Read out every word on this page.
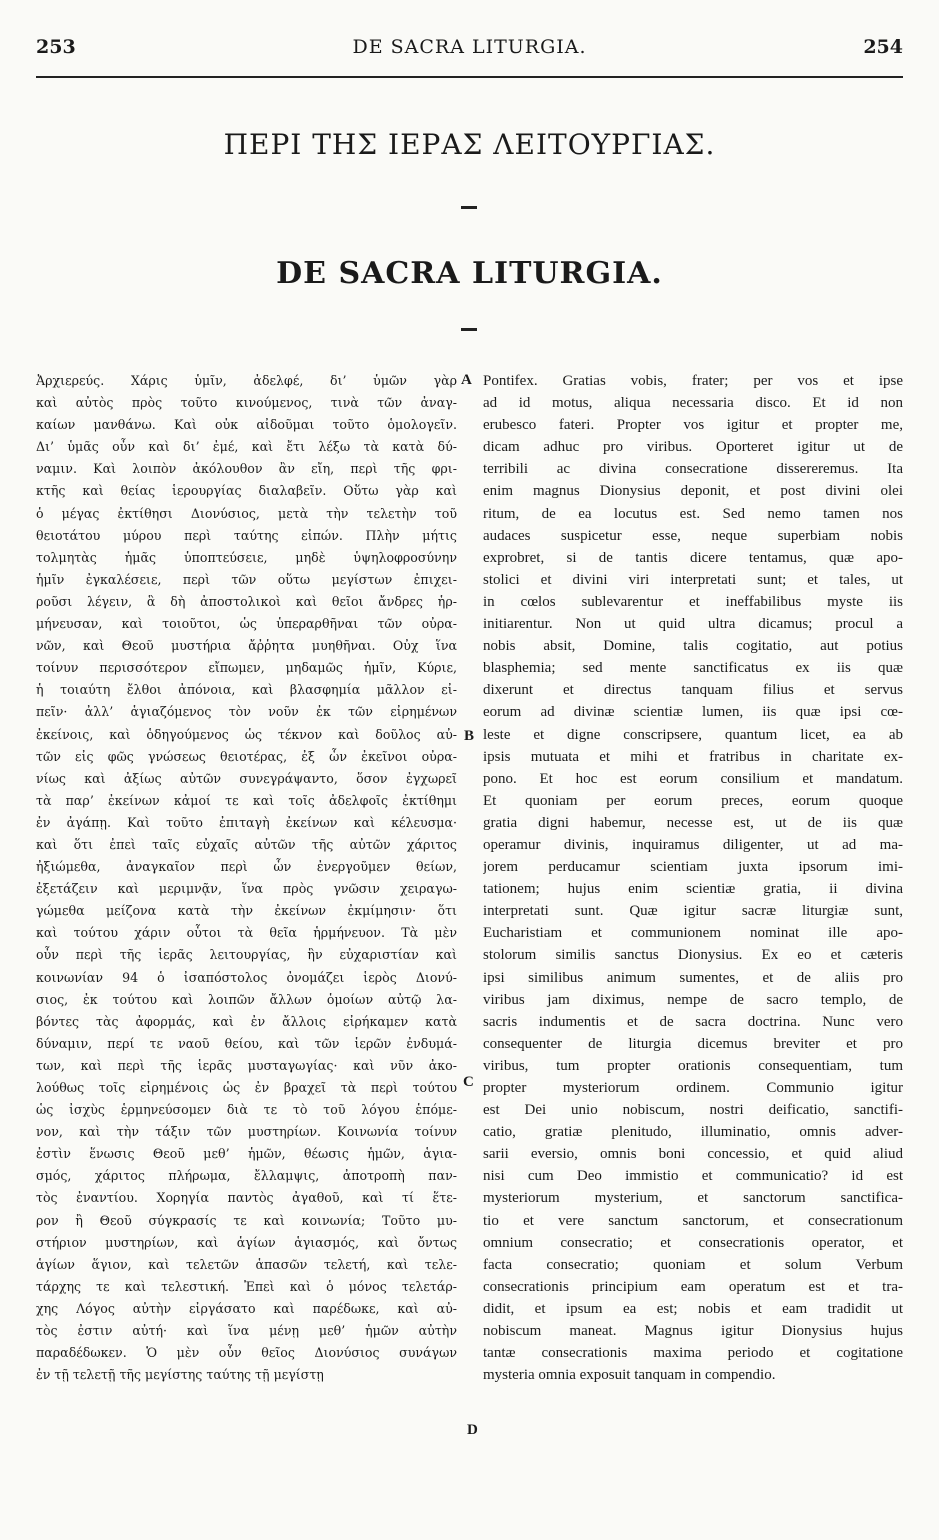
253	DE SACRA LITURGIA.	254
ΠΕΡΙ ΤΗΣ ΙΕΡΑΣ ΛΕΙΤΟΥΡΓΙΑΣ.
DE SACRA LITURGIA.
Ἀρχιερεύς. Χάρις ὑμῖν, ἀδελφέ, δι’ ὑμῶν γὰρ
καὶ αὐτὸς πρὸς τοῦτο κινούμενος, τινὰ τῶν ἀναγ-
καίων μανθάνω. Καὶ οὐκ αἰδοῦμαι τοῦτο ὁμολογεῖν.
Δι’ ὑμᾶς οὖν καὶ δι’ ἐμέ, καὶ ἔτι λέξω τὰ κατὰ δύ-
ναμιν. Καὶ λοιπὸν ἀκόλουθον ἂν εἴη, περὶ τῆς φρι-
κτῆς καὶ θείας ἱερουργίας διαλαβεῖν. Οὕτω γὰρ καὶ
ὁ μέγας ἐκτίθησι Διονύσιος, μετὰ τὴν τελετὴν τοῦ
θειοτάτου μύρου περὶ ταύτης εἰπών. Πλὴν μήτις
τολμητὰς ἡμᾶς ὑποπτεύσειε, μηδὲ ὑψηλοφροσύνην
ἡμῖν ἐγκαλέσειε, περὶ τῶν οὕτω μεγίστων ἐπιχει-
ροῦσι λέγειν, ἃ δὴ ἀποστολικοὶ καὶ θεῖοι ἄνδρες ἡρ-
μήνευσαν, καὶ τοιοῦτοι, ὡς ὑπεραρθῆναι τῶν οὐρα-
νῶν, καὶ Θεοῦ μυστήρια ἄῤῥητα μυηθῆναι. Οὐχ ἵνα
τοίνυν περισσότερον εἴπωμεν, μηδαμῶς ἡμῖν, Κύριε,
ἡ τοιαύτη ἔλθοι ἀπόνοια, καὶ βλασφημία μᾶλλον εἰ-
πεῖν· ἀλλ’ ἁγιαζόμενος τὸν νοῦν ἐκ τῶν εἰρημένων
ἐκείνοις, καὶ ὁδηγούμενος ὡς τέκνον καὶ δοῦλος αὐ-
τῶν εἰς φῶς γνώσεως θειοτέρας, ἐξ ὧν ἐκεῖνοι οὐρα-
νίως καὶ ἀξίως αὐτῶν συνεγράψαντο, ὅσον ἐγχωρεῖ
τὰ παρ’ ἐκείνων κἀμοί τε καὶ τοῖς ἀδελφοῖς ἐκτίθημι
ἐν ἀγάπῃ. Καὶ τοῦτο ἐπιταγὴ ἐκείνων καὶ κέλευσμα·
καὶ ὅτι ἐπεὶ ταῖς εὐχαῖς αὐτῶν τῆς αὐτῶν χάριτος
ἠξιώμεθα, ἀναγκαῖον περὶ ὧν ἐνεργοῦμεν θείων,
ἐξετάζειν καὶ μεριμνᾷν, ἵνα πρὸς γνῶσιν χειραγω-
γώμεθα μείζονα κατὰ τὴν ἐκείνων ἐκμίμησιν· ὅτι
καὶ τούτου χάριν οὗτοι τὰ θεῖα ἡρμήνευον. Τὰ μὲν
οὖν περὶ τῆς ἱερᾶς λειτουργίας, ἣν εὐχαριστίαν καὶ
κοινωνίαν 94 ὁ ἰσαπόστολος ὀνομάζει ἱερὸς Διονύ-
σιος, ἐκ τούτου καὶ λοιπῶν ἄλλων ὁμοίων αὐτῷ λα-
βόντες τὰς ἀφορμάς, καὶ ἐν ἄλλοις εἰρήκαμεν κατὰ
δύναμιν, περί τε ναοῦ θείου, καὶ τῶν ἱερῶν ἐνδυμά-
των, καὶ περὶ τῆς ἱερᾶς μυσταγωγίας· καὶ νῦν ἀκο-
λούθως τοῖς εἰρημένοις ὡς ἐν βραχεῖ τὰ περὶ τούτου
ὡς ἰσχὺς ἑρμηνεύσομεν διὰ τε τὸ τοῦ λόγου ἑπόμε-
νον, καὶ τὴν τάξιν τῶν μυστηρίων. Κοινωνία τοίνυν
ἐστὶν ἕνωσις Θεοῦ μεθ’ ἡμῶν, θέωσις ἡμῶν, ἁγια-
σμός, χάριτος πλήρωμα, ἔλλαμψις, ἀποτροπὴ παν-
τὸς ἐναντίου. Χορηγία παντὸς ἀγαθοῦ, καὶ τί ἕτε-
ρον ἢ Θεοῦ σύγκρασίς τε καὶ κοινωνία; Τοῦτο μυ-
στήριον μυστηρίων, καὶ ἁγίων ἁγιασμός, καὶ ὄντως
ἁγίων ἅγιον, καὶ τελετῶν ἁπασῶν τελετή, καὶ τελε-
τάρχης τε καὶ τελεστική. Ἐπεὶ καὶ ὁ μόνος τελετάρ-
χης Λόγος αὐτὴν εἰργάσατο καὶ παρέδωκε, καὶ αὐ-
τὸς ἐστιν αὐτή· καὶ ἵνα μένῃ μεθ’ ἡμῶν αὐτὴν
παραδέδωκεν. Ὁ μὲν οὖν θεῖος Διονύσιος συνάγων
ἐν τῇ τελετῇ τῆς μεγίστης ταύτης τῇ μεγίστῃ
Pontifex. Gratias vobis, frater; per vos et ipse
ad id motus, aliqua necessaria disco. Et id non
erubesco fateri. Propter vos igitur et propter me,
dicam adhuc pro viribus. Oporteret igitur ut de
terribili ac divina consecratione dissereremus. Ita
enim magnus Dionysius deponit, et post divini olei
ritum, de ea locutus est. Sed nemo tamen nos
audaces suspicetur esse, neque superbiam nobis
exprobret, si de tantis dicere tentamus, quæ apo-
stolici et divini viri interpretati sunt; et tales, ut
in cœlos sublevarentur et ineffabilibus myste iis
initiarentur. Non ut quid ultra dicamus; procul a
nobis absit, Domine, talis cogitatio, aut potius
blasphemia; sed mente sanctificatus ex iis quæ
dixerunt et directus tanquam filius et servus
eorum ad divinæ scientiæ lumen, iis quæ ipsi cœ-
leste et digne conscripsere, quantum licet, ea ab
ipsis mutuata et mihi et fratribus in charitate ex-
pono. Et hoc est eorum consilium et mandatum.
Et quoniam per eorum preces, eorum quoque
gratia digni habemur, necesse est, ut de iis quæ
operamur divinis, inquiramus diligenter, ut ad ma-
jorem perducamur scientiam juxta ipsorum imi-
tationem; hujus enim scientiæ gratia, ii divina
interpretati sunt. Quæ igitur sacræ liturgiæ sunt,
Eucharistiam et communionem nominat ille apo-
stolorum similis sanctus Dionysius. Ex eo et cæteris
ipsi similibus animum sumentes, et de aliis pro
viribus jam diximus, nempe de sacro templo, de
sacris indumentis et de sacra doctrina. Nunc vero
consequenter de liturgia dicemus breviter et pro
viribus, tum propter orationis consequentiam, tum
propter mysteriorum ordinem. Communio igitur
est Dei unio nobiscum, nostri deificatio, sanctifi-
catio, gratiæ plenitudo, illuminatio, omnis adver-
sarii eversio, omnis boni concessio, et quid aliud
nisi cum Deo immistio et communicatio? id est
mysteriorum mysterium, et sanctorum sanctifica-
tio et vere sanctum sanctorum, et consecrationum
omnium consecratio; et consecrationis operator, et
facta consecratio; quoniam et solum Verbum
consecrationis principium eam operatum est et tra-
didit, et ipsum ea est; nobis et eam tradidit ut
nobiscum maneat. Magnus igitur Dionysius hujus
tantæ consecrationis maxima periodo et cogitatione
mysteria omnia exposuit tanquam in compendio.
A
B
C
D
